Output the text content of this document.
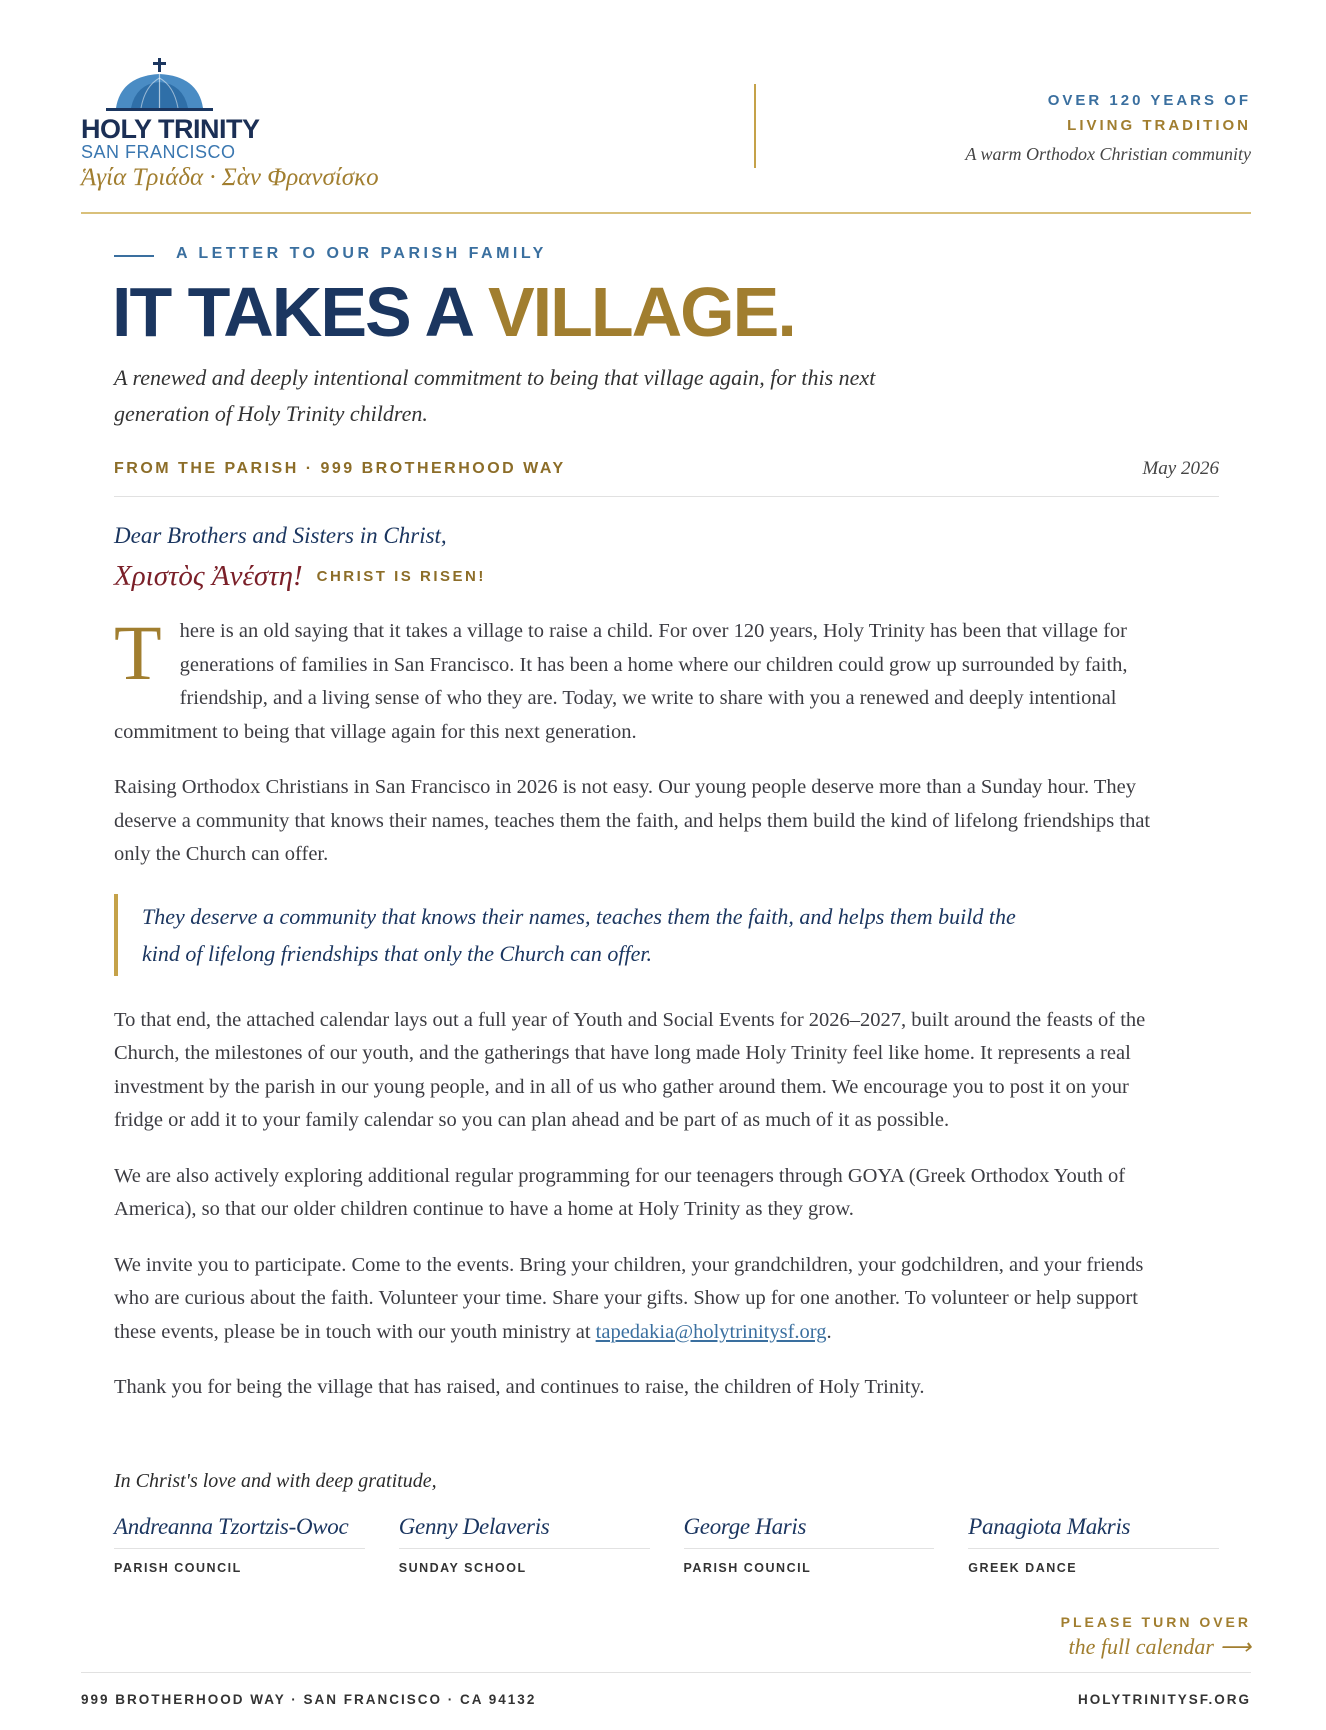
HOLY TRINITY
SAN FRANCISCO
Ἁγία Τριάδα · Σὰν Φρανσίσκο
OVER 120 YEARS OF
LIVING TRADITION
A warm Orthodox Christian community
A LETTER TO OUR PARISH FAMILY
IT TAKES A VILLAGE.
A renewed and deeply intentional commitment to being that village again, for this next generation of Holy Trinity children.
FROM THE PARISH · 999 BROTHERHOOD WAY	May 2026
Dear Brothers and Sisters in Christ,
Χριστὸς Ἀνέστη! CHRIST IS RISEN!

There is an old saying that it takes a village to raise a child. For over 120 years, Holy Trinity has been that village for generations of families in San Francisco. It has been a home where our children could grow up surrounded by faith, friendship, and a living sense of who they are. Today, we write to share with you a renewed and deeply intentional commitment to being that village again for this next generation.

Raising Orthodox Christians in San Francisco in 2026 is not easy. Our young people deserve more than a Sunday hour. They deserve a community that knows their names, teaches them the faith, and helps them build the kind of lifelong friendships that only the Church can offer.

They deserve a community that knows their names, teaches them the faith, and helps them build the kind of lifelong friendships that only the Church can offer.

To that end, the attached calendar lays out a full year of Youth and Social Events for 2026–2027, built around the feasts of the Church, the milestones of our youth, and the gatherings that have long made Holy Trinity feel like home. It represents a real investment by the parish in our young people, and in all of us who gather around them. We encourage you to post it on your fridge or add it to your family calendar so you can plan ahead and be part of as much of it as possible.

We are also actively exploring additional regular programming for our teenagers through GOYA (Greek Orthodox Youth of America), so that our older children continue to have a home at Holy Trinity as they grow.

We invite you to participate. Come to the events. Bring your children, your grandchildren, your godchildren, and your friends who are curious about the faith. Volunteer your time. Share your gifts. Show up for one another. To volunteer or help support these events, please be in touch with our youth ministry at tapedakia@holytrinitysf.org.

Thank you for being the village that has raised, and continues to raise, the children of Holy Trinity.

In Christ's love and with deep gratitude,
Andreanna Tzortzis-Owoc
PARISH COUNCIL
Genny Delaveris
SUNDAY SCHOOL
George Haris
PARISH COUNCIL
Panagiota Makris
GREEK DANCE
PLEASE TURN OVER
the full calendar ⟶
999 BROTHERHOOD WAY · SAN FRANCISCO · CA 94132	HOLYTRINITYSF.ORG
